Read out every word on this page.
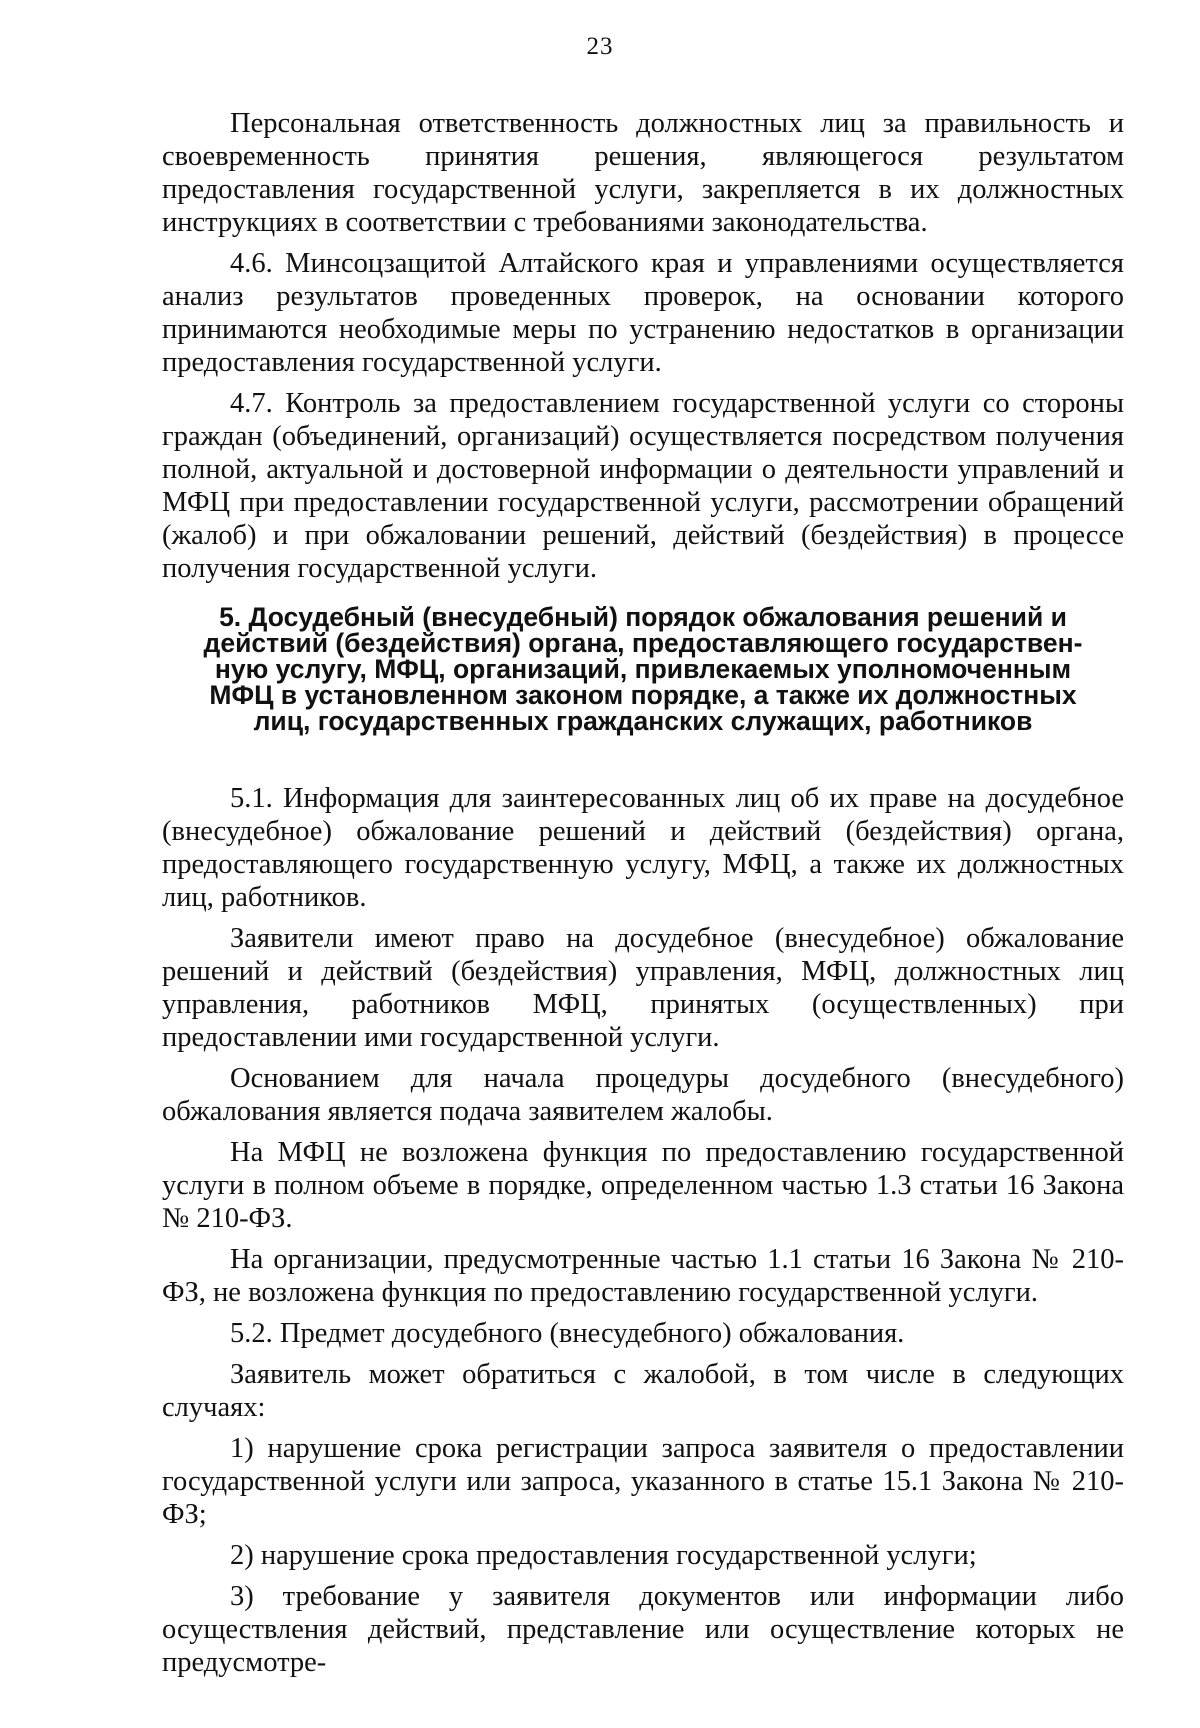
23

Персональная ответственность должностных лиц за правильность и своевременность принятия решения, являющегося результатом предоставления государственной услуги, закрепляется в их должностных инструкциях в соответствии с требованиями законодательства.

4.6. Минсоцзащитой Алтайского края и управлениями осуществляется анализ результатов проведенных проверок, на основании которого принимаются необходимые меры по устранению недостатков в организации предоставления государственной услуги.

4.7. Контроль за предоставлением государственной услуги со стороны граждан (объединений, организаций) осуществляется посредством получения полной, актуальной и достоверной информации о деятельности управлений и МФЦ при предоставлении государственной услуги, рассмотрении обращений (жалоб) и при обжаловании решений, действий (бездействия) в процессе получения государственной услуги.

5. Досудебный (внесудебный) порядок обжалования решений и
действий (бездействия) органа, предоставляющего государствен-
ную услугу, МФЦ, организаций, привлекаемых уполномоченным
МФЦ в установленном законом порядке, а также их должностных
лиц, государственных гражданских служащих, работников

5.1. Информация для заинтересованных лиц об их праве на досудебное (внесудебное) обжалование решений и действий (бездействия) органа, предоставляющего государственную услугу, МФЦ, а также их должностных лиц, работников.

Заявители имеют право на досудебное (внесудебное) обжалование решений и действий (бездействия) управления, МФЦ, должностных лиц управления, работников МФЦ, принятых (осуществленных) при предоставлении ими государственной услуги.

Основанием для начала процедуры досудебного (внесудебного) обжалования является подача заявителем жалобы.

На МФЦ не возложена функция по предоставлению государственной услуги в полном объеме в порядке, определенном частью 1.3 статьи 16 Закона № 210-ФЗ.

На организации, предусмотренные частью 1.1 статьи 16 Закона № 210-ФЗ, не возложена функция по предоставлению государственной услуги.

5.2. Предмет досудебного (внесудебного) обжалования.

Заявитель может обратиться с жалобой, в том числе в следующих случаях:

1) нарушение срока регистрации запроса заявителя о предоставлении государственной услуги или запроса, указанного в статье 15.1 Закона № 210-ФЗ;

2) нарушение срока предоставления государственной услуги;

3) требование у заявителя документов или информации либо осуществления действий, представление или осуществление которых не предусмотре-
